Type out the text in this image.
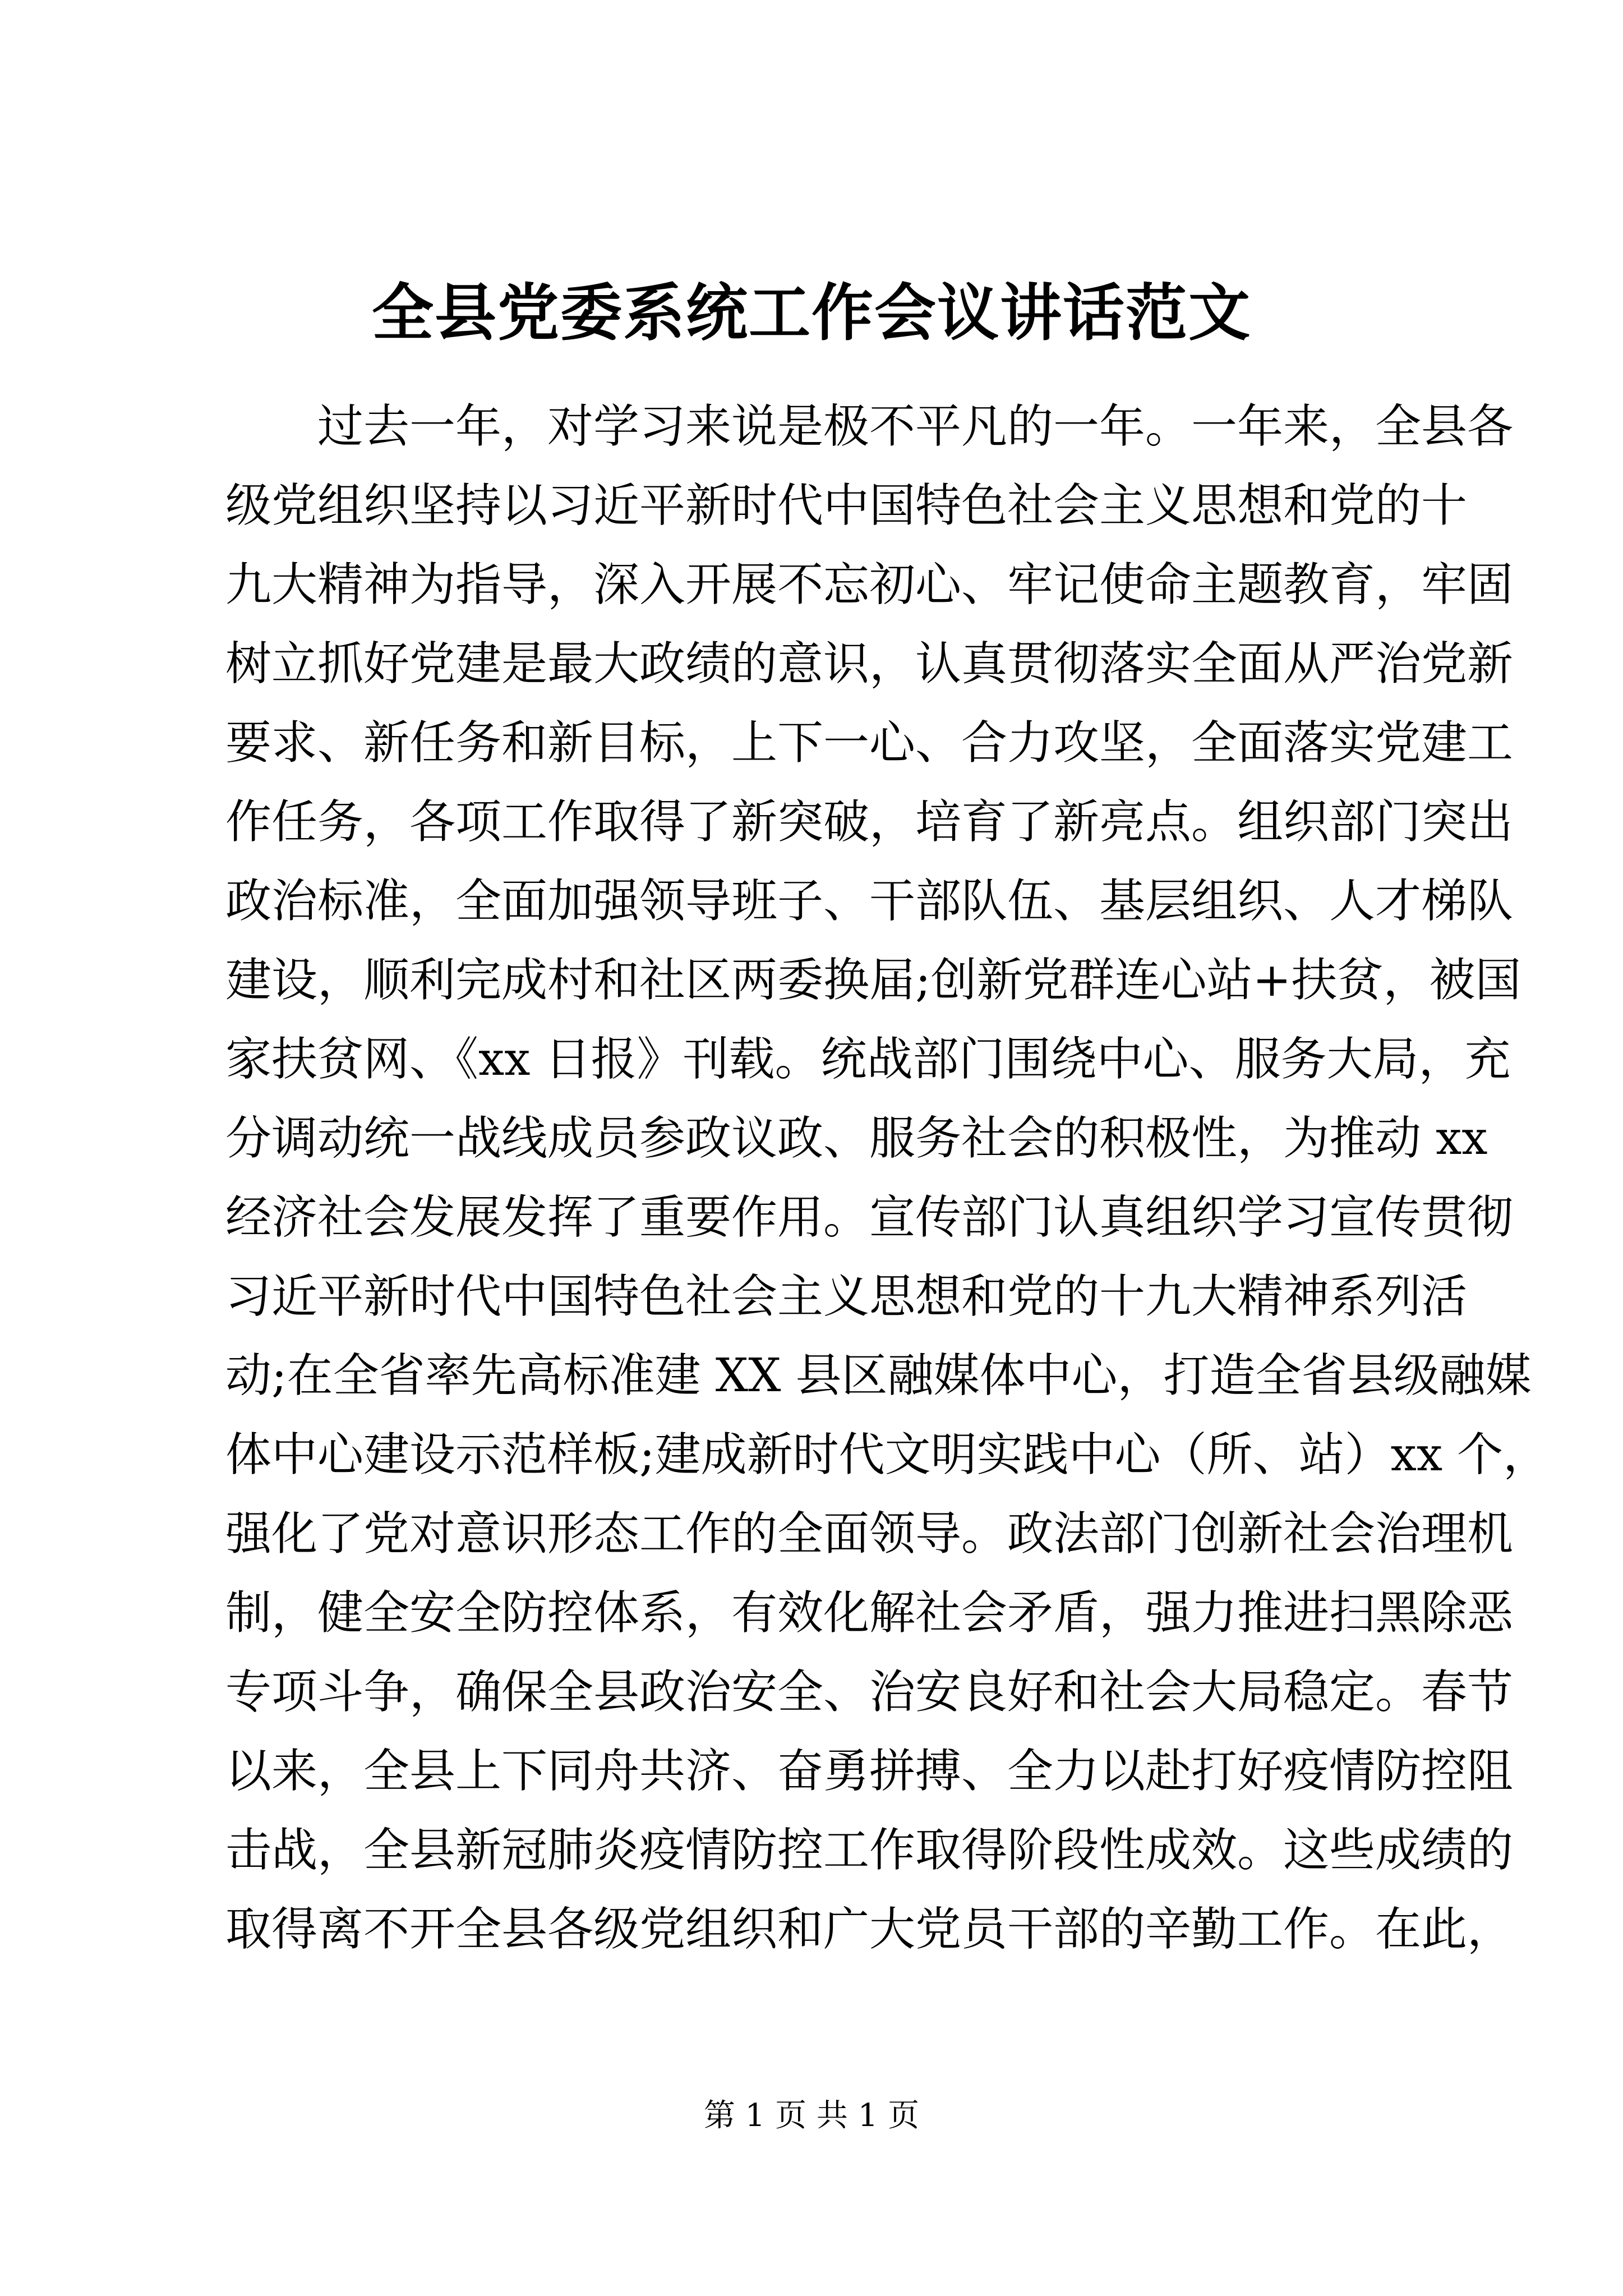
全县党委系统工作会议讲话范文
过去一年，对学习来说是极不平凡的一年。一年来，全县各
级党组织坚持以习近平新时代中国特色社会主义思想和党的十
九大精神为指导，深入开展不忘初心、牢记使命主题教育，牢固
树立抓好党建是最大政绩的意识，认真贯彻落实全面从严治党新
要求、新任务和新目标，上下一心、合力攻坚，全面落实党建工
作任务，各项工作取得了新突破，培育了新亮点。组织部门突出
政治标准，全面加强领导班子、干部队伍、基层组织、人才梯队
建设，顺利完成村和社区两委换届;创新党群连心站+扶贫，被国
家扶贫网、《xx 日报》刊载。统战部门围绕中心、服务大局，充
分调动统一战线成员参政议政、服务社会的积极性，为推动 xx
经济社会发展发挥了重要作用。宣传部门认真组织学习宣传贯彻
习近平新时代中国特色社会主义思想和党的十九大精神系列活
动;在全省率先高标准建 XX 县区融媒体中心，打造全省县级融媒
体中心建设示范样板;建成新时代文明实践中心（所、站）xx 个，
强化了党对意识形态工作的全面领导。政法部门创新社会治理机
制，健全安全防控体系，有效化解社会矛盾，强力推进扫黑除恶
专项斗争，确保全县政治安全、治安良好和社会大局稳定。春节
以来，全县上下同舟共济、奋勇拼搏、全力以赴打好疫情防控阻
击战，全县新冠肺炎疫情防控工作取得阶段性成效。这些成绩的
取得离不开全县各级党组织和广大党员干部的辛勤工作。在此，
第 1 页 共 1 页
